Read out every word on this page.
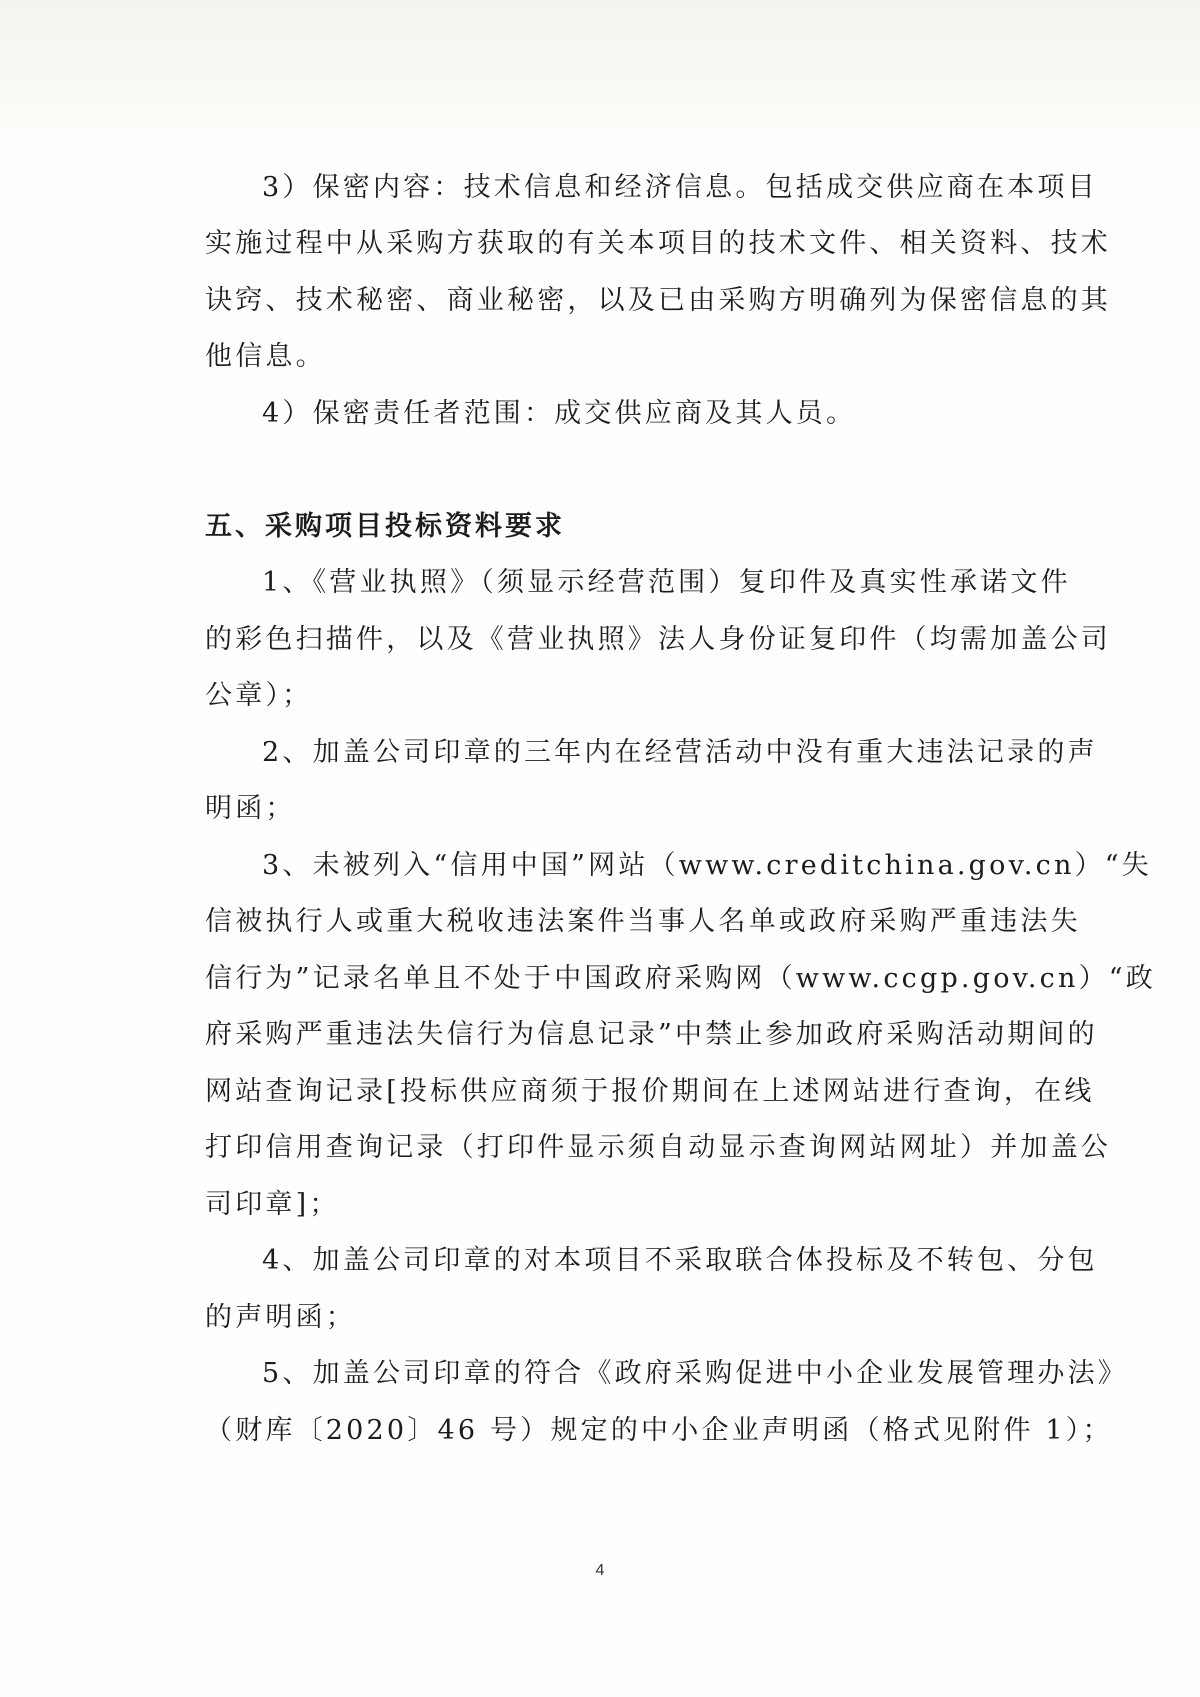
3）保密内容：技术信息和经济信息。包括成交供应商在本项目
实施过程中从采购方获取的有关本项目的技术文件、相关资料、技术
诀窍、技术秘密、商业秘密，以及已由采购方明确列为保密信息的其
他信息。
4）保密责任者范围：成交供应商及其人员。
五、采购项目投标资料要求
1、《营业执照》（须显示经营范围）复印件及真实性承诺文件
的彩色扫描件，以及《营业执照》法人身份证复印件（均需加盖公司
公章）；
2、加盖公司印章的三年内在经营活动中没有重大违法记录的声
明函；
3、未被列入“信用中国”网站（www.creditchina.gov.cn）“失
信被执行人或重大税收违法案件当事人名单或政府采购严重违法失
信行为”记录名单且不处于中国政府采购网（www.ccgp.gov.cn）“政
府采购严重违法失信行为信息记录”中禁止参加政府采购活动期间的
网站查询记录[投标供应商须于报价期间在上述网站进行查询，在线
打印信用查询记录（打印件显示须自动显示查询网站网址）并加盖公
司印章]；
4、加盖公司印章的对本项目不采取联合体投标及不转包、分包
的声明函；
5、加盖公司印章的符合《政府采购促进中小企业发展管理办法》
（财库〔2020〕46 号）规定的中小企业声明函（格式见附件 1）；
4
